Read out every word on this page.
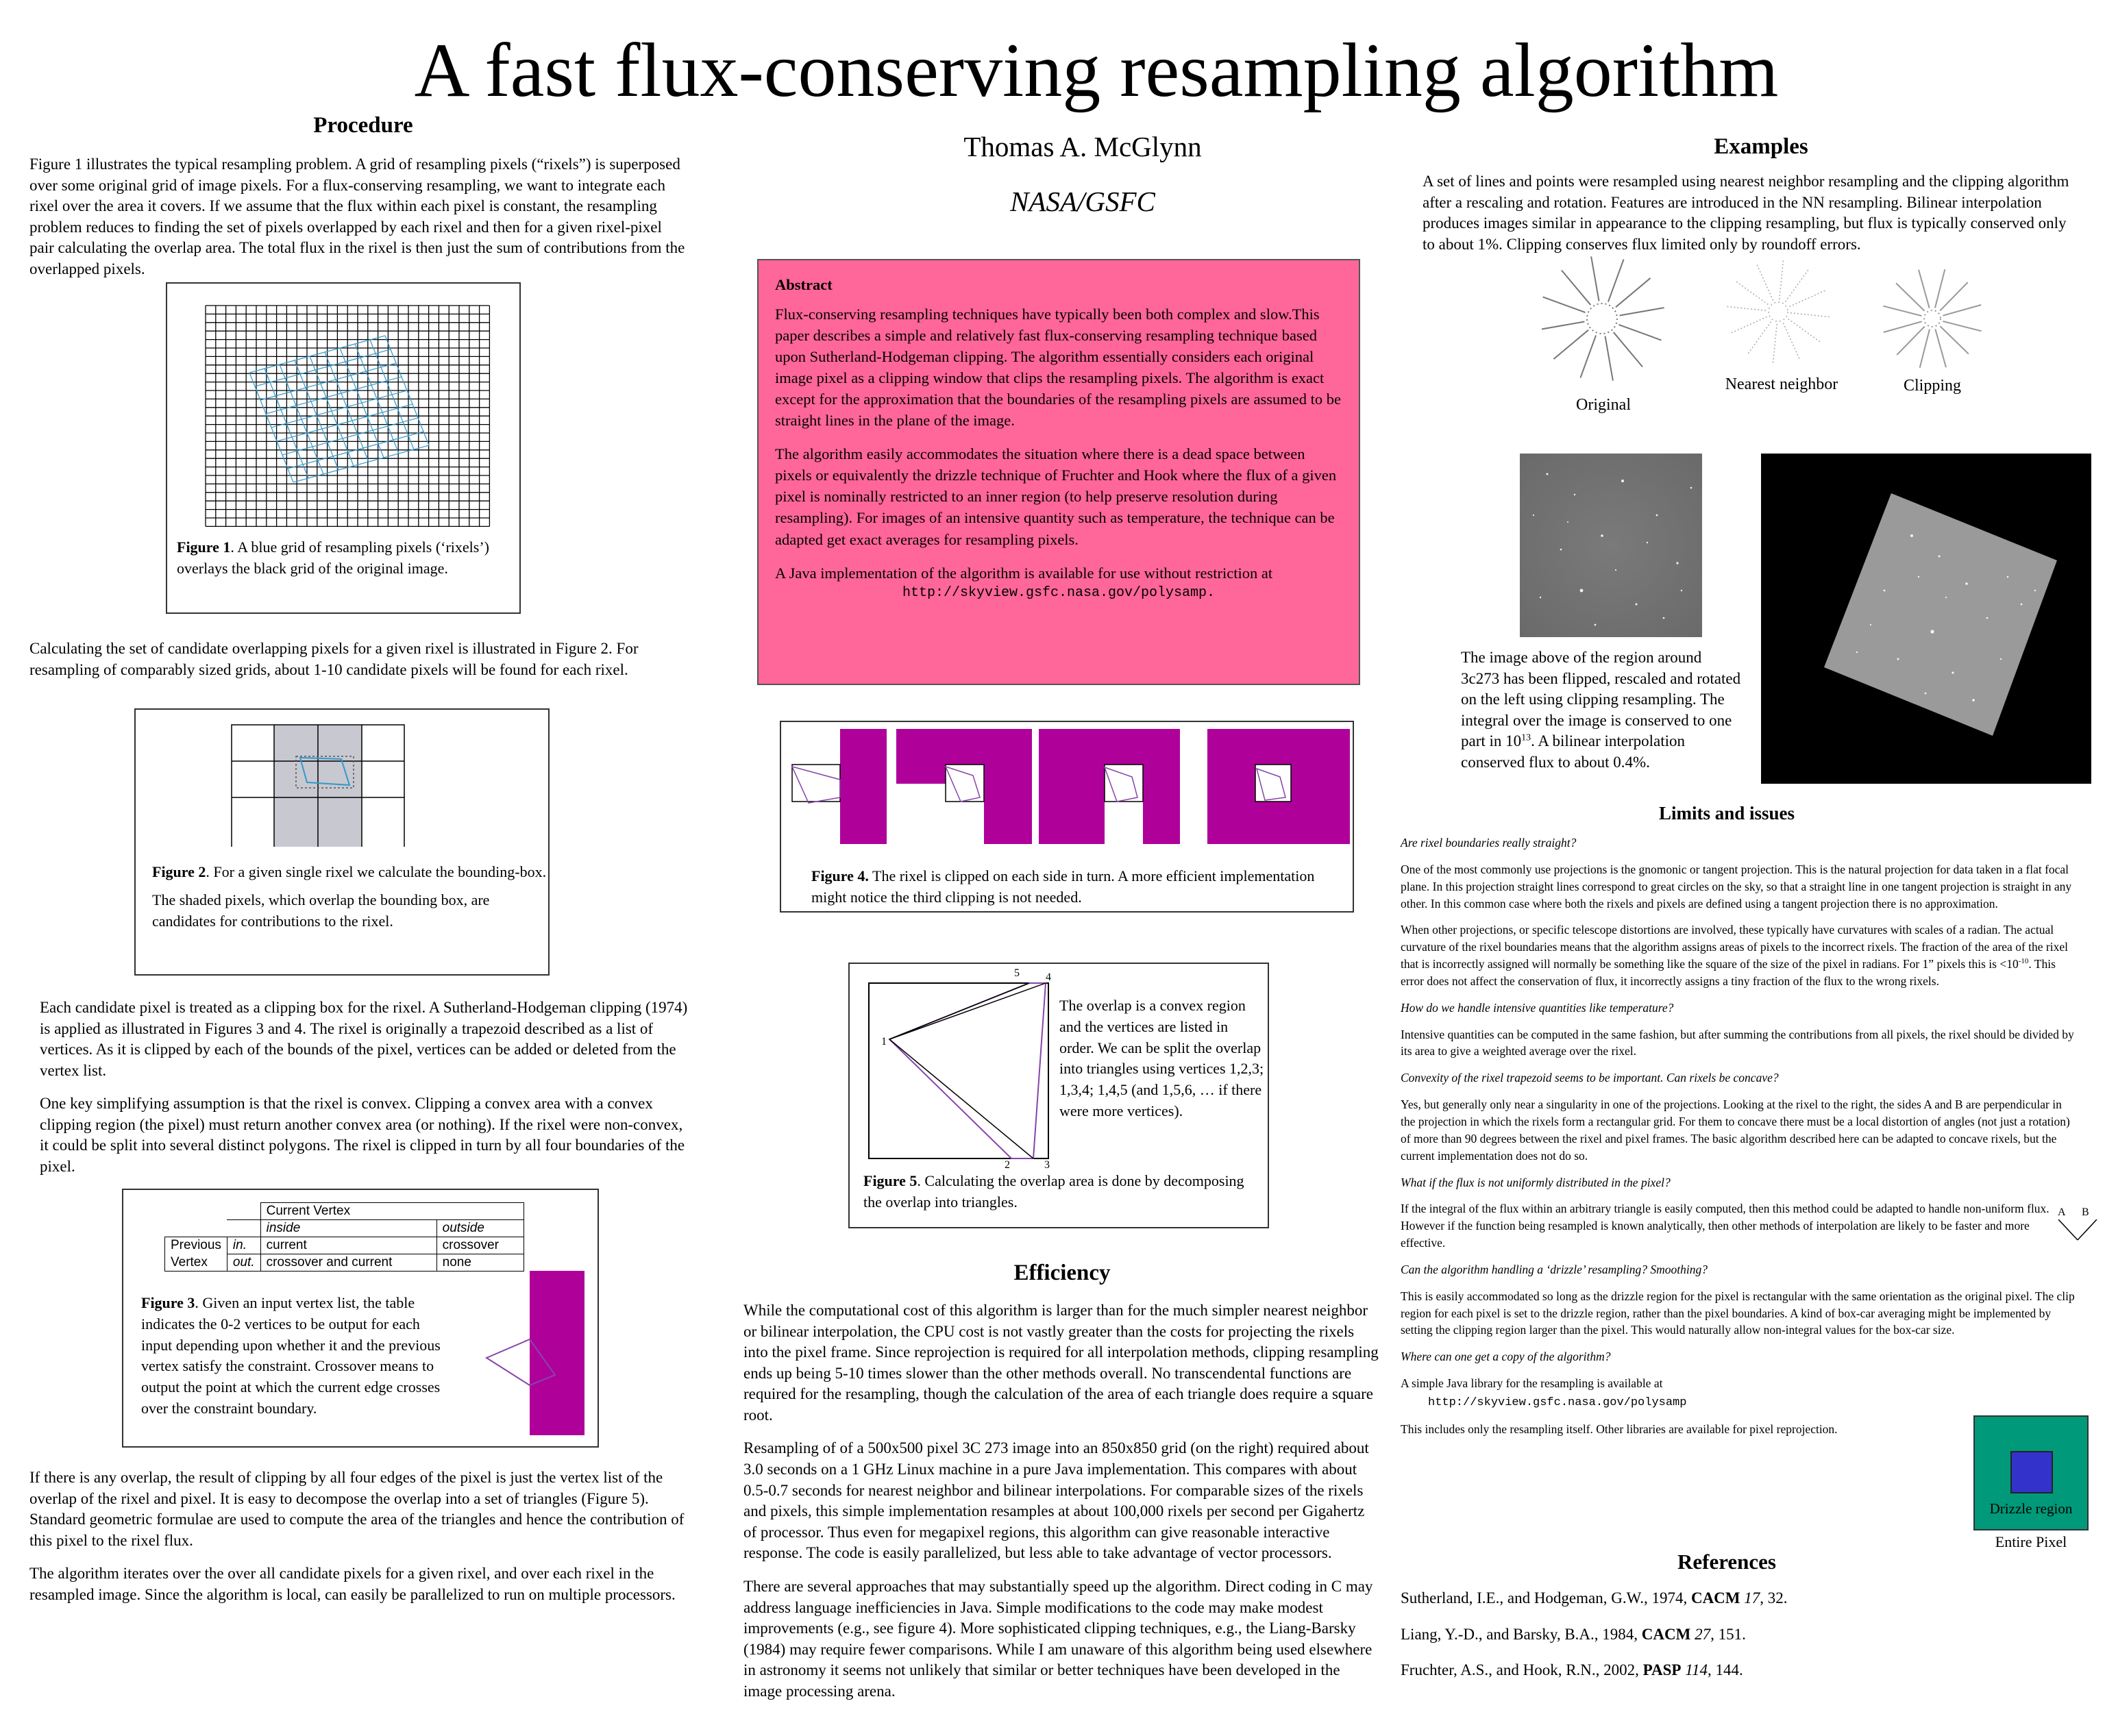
A fast flux-conserving resampling algorithm
Procedure

Figure 1 illustrates the typical resampling problem. A grid of resampling pixels (“rixels”) is superposed over some original grid of image pixels. For a flux-conserving resampling, we want to integrate each rixel over the area it covers. If we assume that the flux within each pixel is constant, the resampling problem reduces to finding the set of pixels overlapped by each rixel and then for a given rixel-pixel pair calculating the overlap area. The total flux in the rixel is then just the sum of contributions from the overlapped pixels.

Figure 1. A blue grid of resampling pixels (‘rixels’) overlays the black grid of the original image.

Calculating the set of candidate overlapping pixels for a given rixel is illustrated in Figure 2. For resampling of comparably sized grids, about 1-10 candidate pixels will be found for each rixel.

Figure 2. For a given single rixel we calculate the bounding-box.

The shaded pixels, which overlap the bounding box, are candidates for contributions to the rixel.

Each candidate pixel is treated as a clipping box for the rixel. A Sutherland-Hodgeman clipping (1974) is applied as illustrated in Figures 3 and 4. The rixel is originally a trapezoid described as a list of vertices. As it is clipped by each of the bounds of the pixel, vertices can be added or deleted from the vertex list.

One key simplifying assumption is that the rixel is convex. Clipping a convex area with a convex clipping region (the pixel) must return another convex area (or nothing). If the rixel were non-convex, it could be split into several distinct polygons. The rixel is clipped in turn by all four boundaries of the pixel.

		Current Vertex	
		inside	outside
Previous	in.	current	crossover
Vertex	out.	crossover and current	none
Figure 3. Given an input vertex list, the table indicates the 0-2 vertices to be output for each input depending upon whether it and the previous vertex satisfy the constraint. Crossover means to output the point at which the current edge crosses over the constraint boundary.

If there is any overlap, the result of clipping by all four edges of the pixel is just the vertex list of the overlap of the rixel and pixel. It is easy to decompose the overlap into a set of triangles (Figure 5). Standard geometric formulae are used to compute the area of the triangles and hence the contribution of this pixel to the rixel flux.

The algorithm iterates over the over all candidate pixels for a given rixel, and over each rixel in the resampled image. Since the algorithm is local, can easily be parallelized to run on multiple processors.

Thomas A. McGlynn
NASA/GSFC

Abstract

Flux-conserving resampling techniques have typically been both complex and slow.This paper describes a simple and relatively fast flux-conserving resampling technique based upon Sutherland-Hodgeman clipping. The algorithm essentially considers each original image pixel as a clipping window that clips the resampling pixels. The algorithm is exact except for the approximation that the boundaries of the resampling pixels are assumed to be straight lines in the plane of the image.

The algorithm easily accommodates the situation where there is a dead space between pixels or equivalently the drizzle technique of Fruchter and Hook where the flux of a given pixel is nominally restricted to an inner region (to help preserve resolution during resampling). For images of an intensive quantity such as temperature, the technique can be adapted get exact averages for resampling pixels.

A Java implementation of the algorithm is available for use without restriction at

http://skyview.gsfc.nasa.gov/polysamp.

Figure 4. The rixel is clipped on each side in turn. A more efficient implementation might notice the third clipping is not needed.
1
2	3
4
5
The overlap is a convex region and the vertices are listed in order. We can be split the overlap into triangles using vertices 1,2,3; 1,3,4; 1,4,5 (and 1,5,6, … if there were more vertices).
Figure 5. Calculating the overlap area is done by decomposing the overlap into triangles.
Efficiency

While the computational cost of this algorithm is larger than for the much simpler nearest neighbor or bilinear interpolation, the CPU cost is not vastly greater than the costs for projecting the rixels into the pixel frame. Since reprojection is required for all interpolation methods, clipping resampling ends up being 5-10 times slower than the other methods overall. No transcendental functions are required for the resampling, though the calculation of the area of each triangle does require a square root.

Resampling of of a 500x500 pixel 3C 273 image into an 850x850 grid (on the right) required about 3.0 seconds on a 1 GHz Linux machine in a pure Java implementation. This compares with about 0.5-0.7 seconds for nearest neighbor and bilinear interpolations. For comparable sizes of the rixels and pixels, this simple implementation resamples at about 100,000 rixels per second per Gigahertz of processor. Thus even for megapixel regions, this algorithm can give reasonable interactive response. The code is easily parallelized, but less able to take advantage of vector processors.

There are several approaches that may substantially speed up the algorithm. Direct coding in C may address language inefficiencies in Java. Simple modifications to the code may make modest improvements (e.g., see figure 4). More sophisticated clipping techniques, e.g., the Liang-Barsky (1984) may require fewer comparisons. While I am unaware of this algorithm being used elsewhere in astronomy it seems not unlikely that similar or better techniques have been developed in the image processing arena.

Examples

A set of lines and points were resampled using nearest neighbor resampling and the clipping algorithm after a rescaling and rotation. Features are introduced in the NN resampling. Bilinear interpolation produces images similar in appearance to the clipping resampling, but flux is typically conserved only to about 1%. Clipping conserves flux limited only by roundoff errors.

Original
Nearest neighbor	Clipping
The image above of the region around 3c273 has been flipped, rescaled and rotated on the left using clipping resampling. The integral over the image is conserved to one part in $10^{13}$. A bilinear interpolation conserved flux to about 0.4%.
Limits and issues

Are rixel boundaries really straight?

One of the most commonly use projections is the gnomonic or tangent projection. This is the natural projection for data taken in a flat focal plane. In this projection straight lines correspond to great circles on the sky, so that a straight line in one tangent projection is straight in any other. In this common case where both the rixels and pixels are defined using a tangent projection there is no approximation.

When other projections, or specific telescope distortions are involved, these typically have curvatures with scales of a radian. The actual curvature of the rixel boundaries means that the algorithm assigns areas of pixels to the incorrect rixels. The fraction of the area of the rixel that is incorrectly assigned will normally be something like the square of the size of the pixel in radians. For 1” pixels this is $<10^{-10}$. This error does not affect the conservation of flux, it incorrectly assigns a tiny fraction of the flux to the wrong rixels.

How do we handle intensive quantities like temperature?

Intensive quantities can be computed in the same fashion, but after summing the contributions from all pixels, the rixel should be divided by its area to give a weighted average over the rixel.

Convexity of the rixel trapezoid seems to be important. Can rixels be concave?

Yes, but generally only near a singularity in one of the projections. Looking at the rixel to the right, the sides A and B are perpendicular in the projection in which the rixels form a rectangular grid. For them to concave there must be a local distortion of angles (not just a rotation) of more than 90 degrees between the rixel and pixel frames. The basic algorithm described here can be adapted to concave rixels, but the current implementation does not do so.

What if the flux is not uniformly distributed in the pixel?

If the integral of the flux within an arbitrary triangle is easily computed, then this method could be adapted to handle non-uniform flux. However if the function being resampled is known analytically, then other methods of interpolation are likely to be faster and more effective.

Can the algorithm handling a ‘drizzle’ resampling? Smoothing?

This is easily accommodated so long as the drizzle region for the pixel is rectangular with the same orientation as the original pixel. The clip region for each pixel is set to the drizzle region, rather than the pixel boundaries. A kind of box-car averaging might be implemented by setting the clipping region larger than the pixel. This would naturally allow non-integral values for the box-car size.

Where can one get a copy of the algorithm?

A simple Java library for the resampling is available at

http://skyview.gsfc.nasa.gov/polysamp

This includes only the resampling itself. Other libraries are available for pixel reprojection.

A B
Drizzle region
Entire Pixel
References

Sutherland, I.E., and Hodgeman, G.W., 1974, CACM 17, 32.

Liang, Y.-D., and Barsky, B.A., 1984, CACM 27, 151.

Fruchter, A.S., and Hook, R.N., 2002, PASP 114, 144.
